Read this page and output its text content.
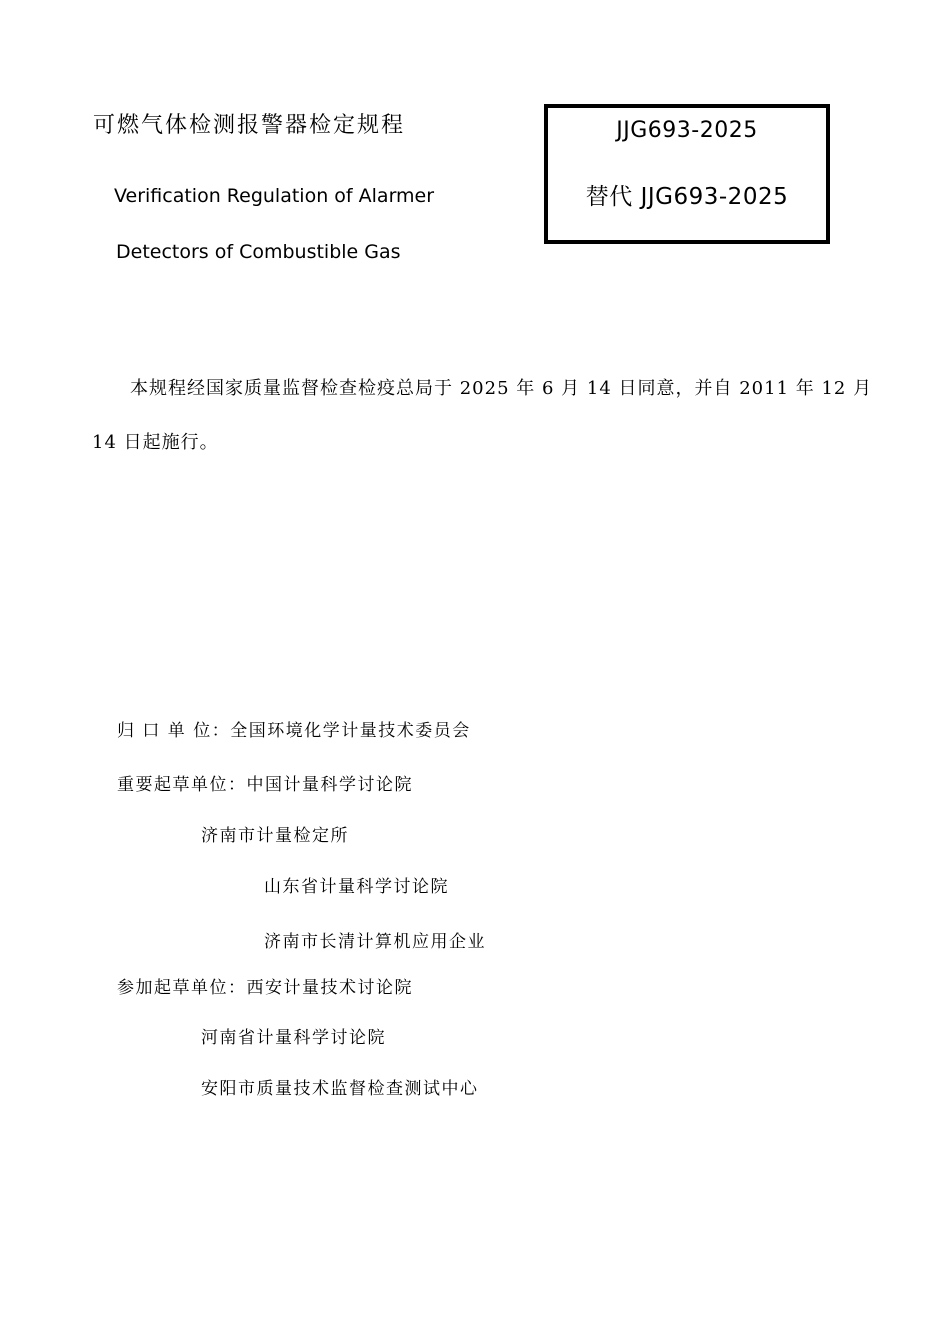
可燃气体检测报警器检定规程
Verification Regulation of Alarmer
Detectors of Combustible Gas
JJG693-2025
替代 JJG693-2025
本规程经国家质量监督检查检疫总局于 2025 年 6 月 14 日同意，并自 2011 年 12 月
14 日起施行。
归 口 单 位：全国环境化学计量技术委员会
重要起草单位：中国计量科学讨论院
济南市计量检定所
山东省计量科学讨论院
济南市长清计算机应用企业
参加起草单位：西安计量技术讨论院
河南省计量科学讨论院
安阳市质量技术监督检查测试中心
